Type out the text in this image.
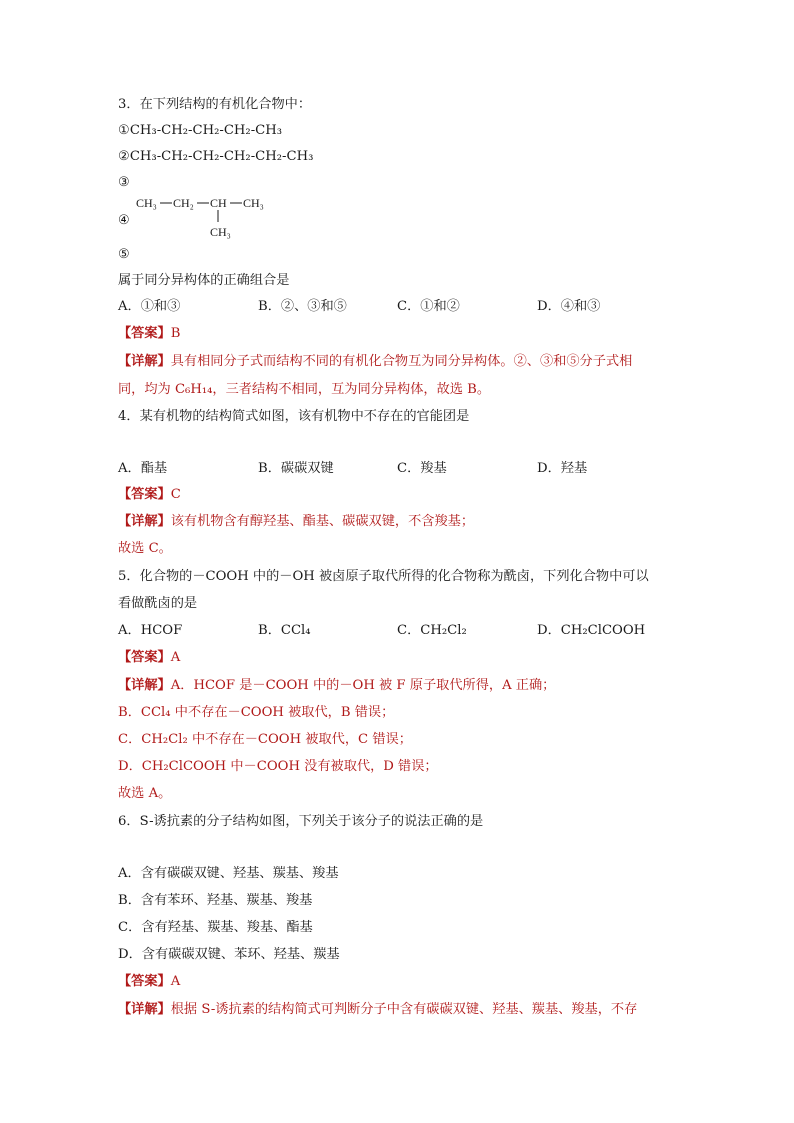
3．在下列结构的有机化合物中：
①CH₃-CH₂-CH₂-CH₂-CH₃
②CH₃-CH₂-CH₂-CH₂-CH₂-CH₃
③
④
CH₃ CH₂ CH CH₃
CH₃
⑤
属于同分异构体的正确组合是
A．①和③	B．②、③和⑤	C．①和②	D．④和③
【答案】B
【详解】具有相同分子式而结构不同的有机化合物互为同分异构体。②、③和⑤分子式相
同，均为 C₆H₁₄，三者结构不相同，互为同分异构体，故选 B。
4．某有机物的结构简式如图，该有机物中不存在的官能团是
A．酯基	B．碳碳双键	C．羧基	D．羟基
【答案】C
【详解】该有机物含有醇羟基、酯基、碳碳双键，不含羧基；
故选 C。
5．化合物的－COOH 中的－OH 被卤原子取代所得的化合物称为酰卤，下列化合物中可以
看做酰卤的是
A．HCOF	B．CCl₄	C．CH₂Cl₂	D．CH₂ClCOOH
【答案】A
【详解】A．HCOF 是－COOH 中的－OH 被 F 原子取代所得，A 正确；
B．CCl₄ 中不存在－COOH 被取代，B 错误；
C．CH₂Cl₂ 中不存在－COOH 被取代，C 错误；
D．CH₂ClCOOH 中－COOH 没有被取代，D 错误；
故选 A。
6．S-诱抗素的分子结构如图，下列关于该分子的说法正确的是
A．含有碳碳双键、羟基、羰基、羧基
B．含有苯环、羟基、羰基、羧基
C．含有羟基、羰基、羧基、酯基
D．含有碳碳双键、苯环、羟基、羰基
【答案】A
【详解】根据 S-诱抗素的结构简式可判断分子中含有碳碳双键、羟基、羰基、羧基，不存
